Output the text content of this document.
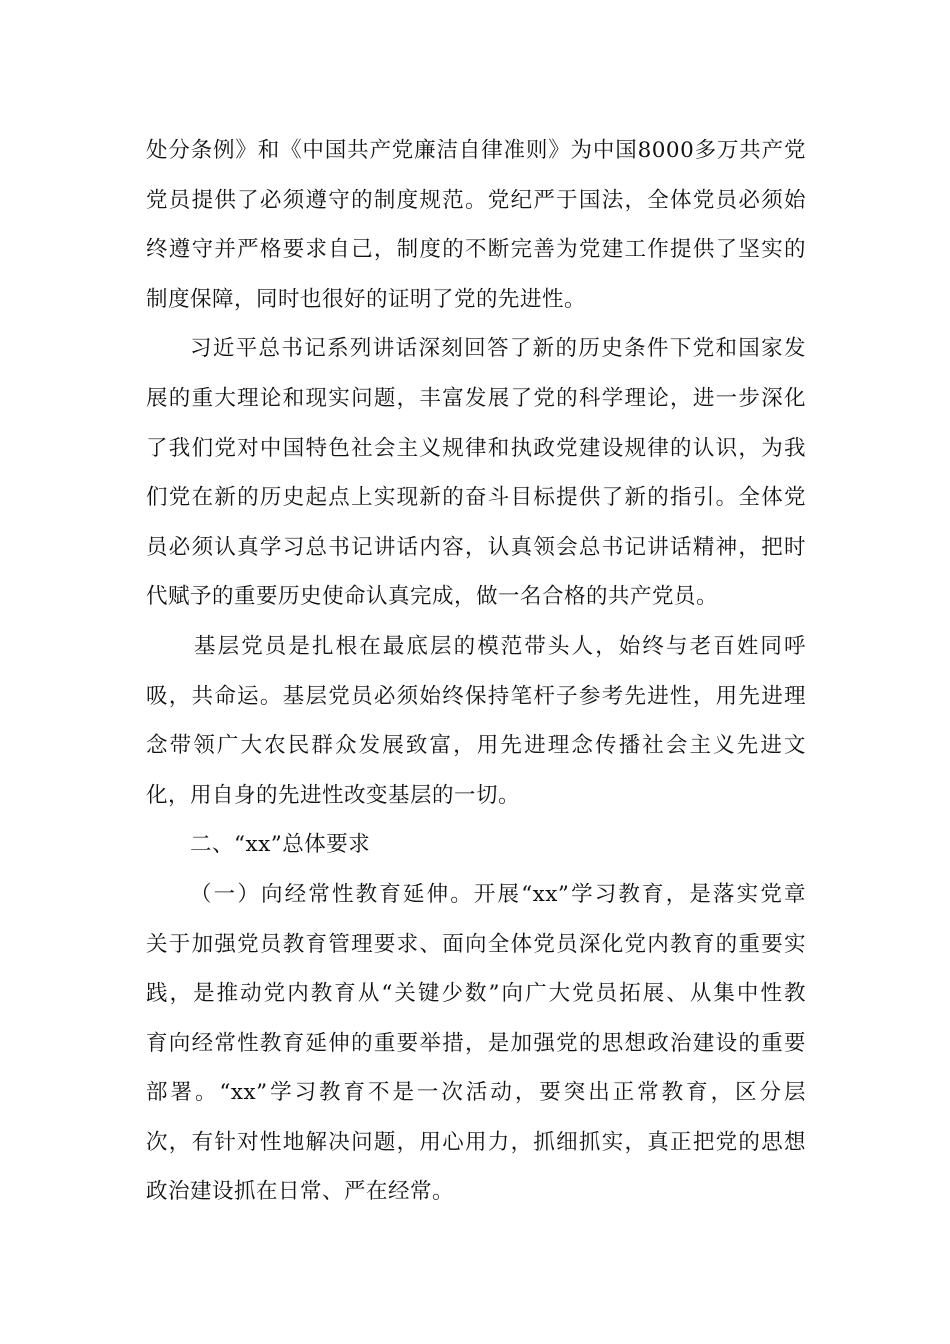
处分条例》和《中国共产党廉洁自律准则》为中国8000多万共产党
党员提供了必须遵守的制度规范。党纪严于国法，全体党员必须始
终遵守并严格要求自己，制度的不断完善为党建工作提供了坚实的
制度保障，同时也很好的证明了党的先进性。
习近平总书记系列讲话深刻回答了新的历史条件下党和国家发
展的重大理论和现实问题，丰富发展了党的科学理论，进一步深化
了我们党对中国特色社会主义规律和执政党建设规律的认识，为我
们党在新的历史起点上实现新的奋斗目标提供了新的指引。全体党
员必须认真学习总书记讲话内容，认真领会总书记讲话精神，把时
代赋予的重要历史使命认真完成，做一名合格的共产党员。
基层党员是扎根在最底层的模范带头人，始终与老百姓同呼
吸，共命运。基层党员必须始终保持笔杆子参考先进性，用先进理
念带领广大农民群众发展致富，用先进理念传播社会主义先进文
化，用自身的先进性改变基层的一切。
二、“xx”总体要求
（一）向经常性教育延伸。开展“xx”学习教育，是落实党章
关于加强党员教育管理要求、面向全体党员深化党内教育的重要实
践，是推动党内教育从“关键少数”向广大党员拓展、从集中性教
育向经常性教育延伸的重要举措，是加强党的思想政治建设的重要
部署。“xx”学习教育不是一次活动，要突出正常教育，区分层
次，有针对性地解决问题，用心用力，抓细抓实，真正把党的思想
政治建设抓在日常、严在经常。
